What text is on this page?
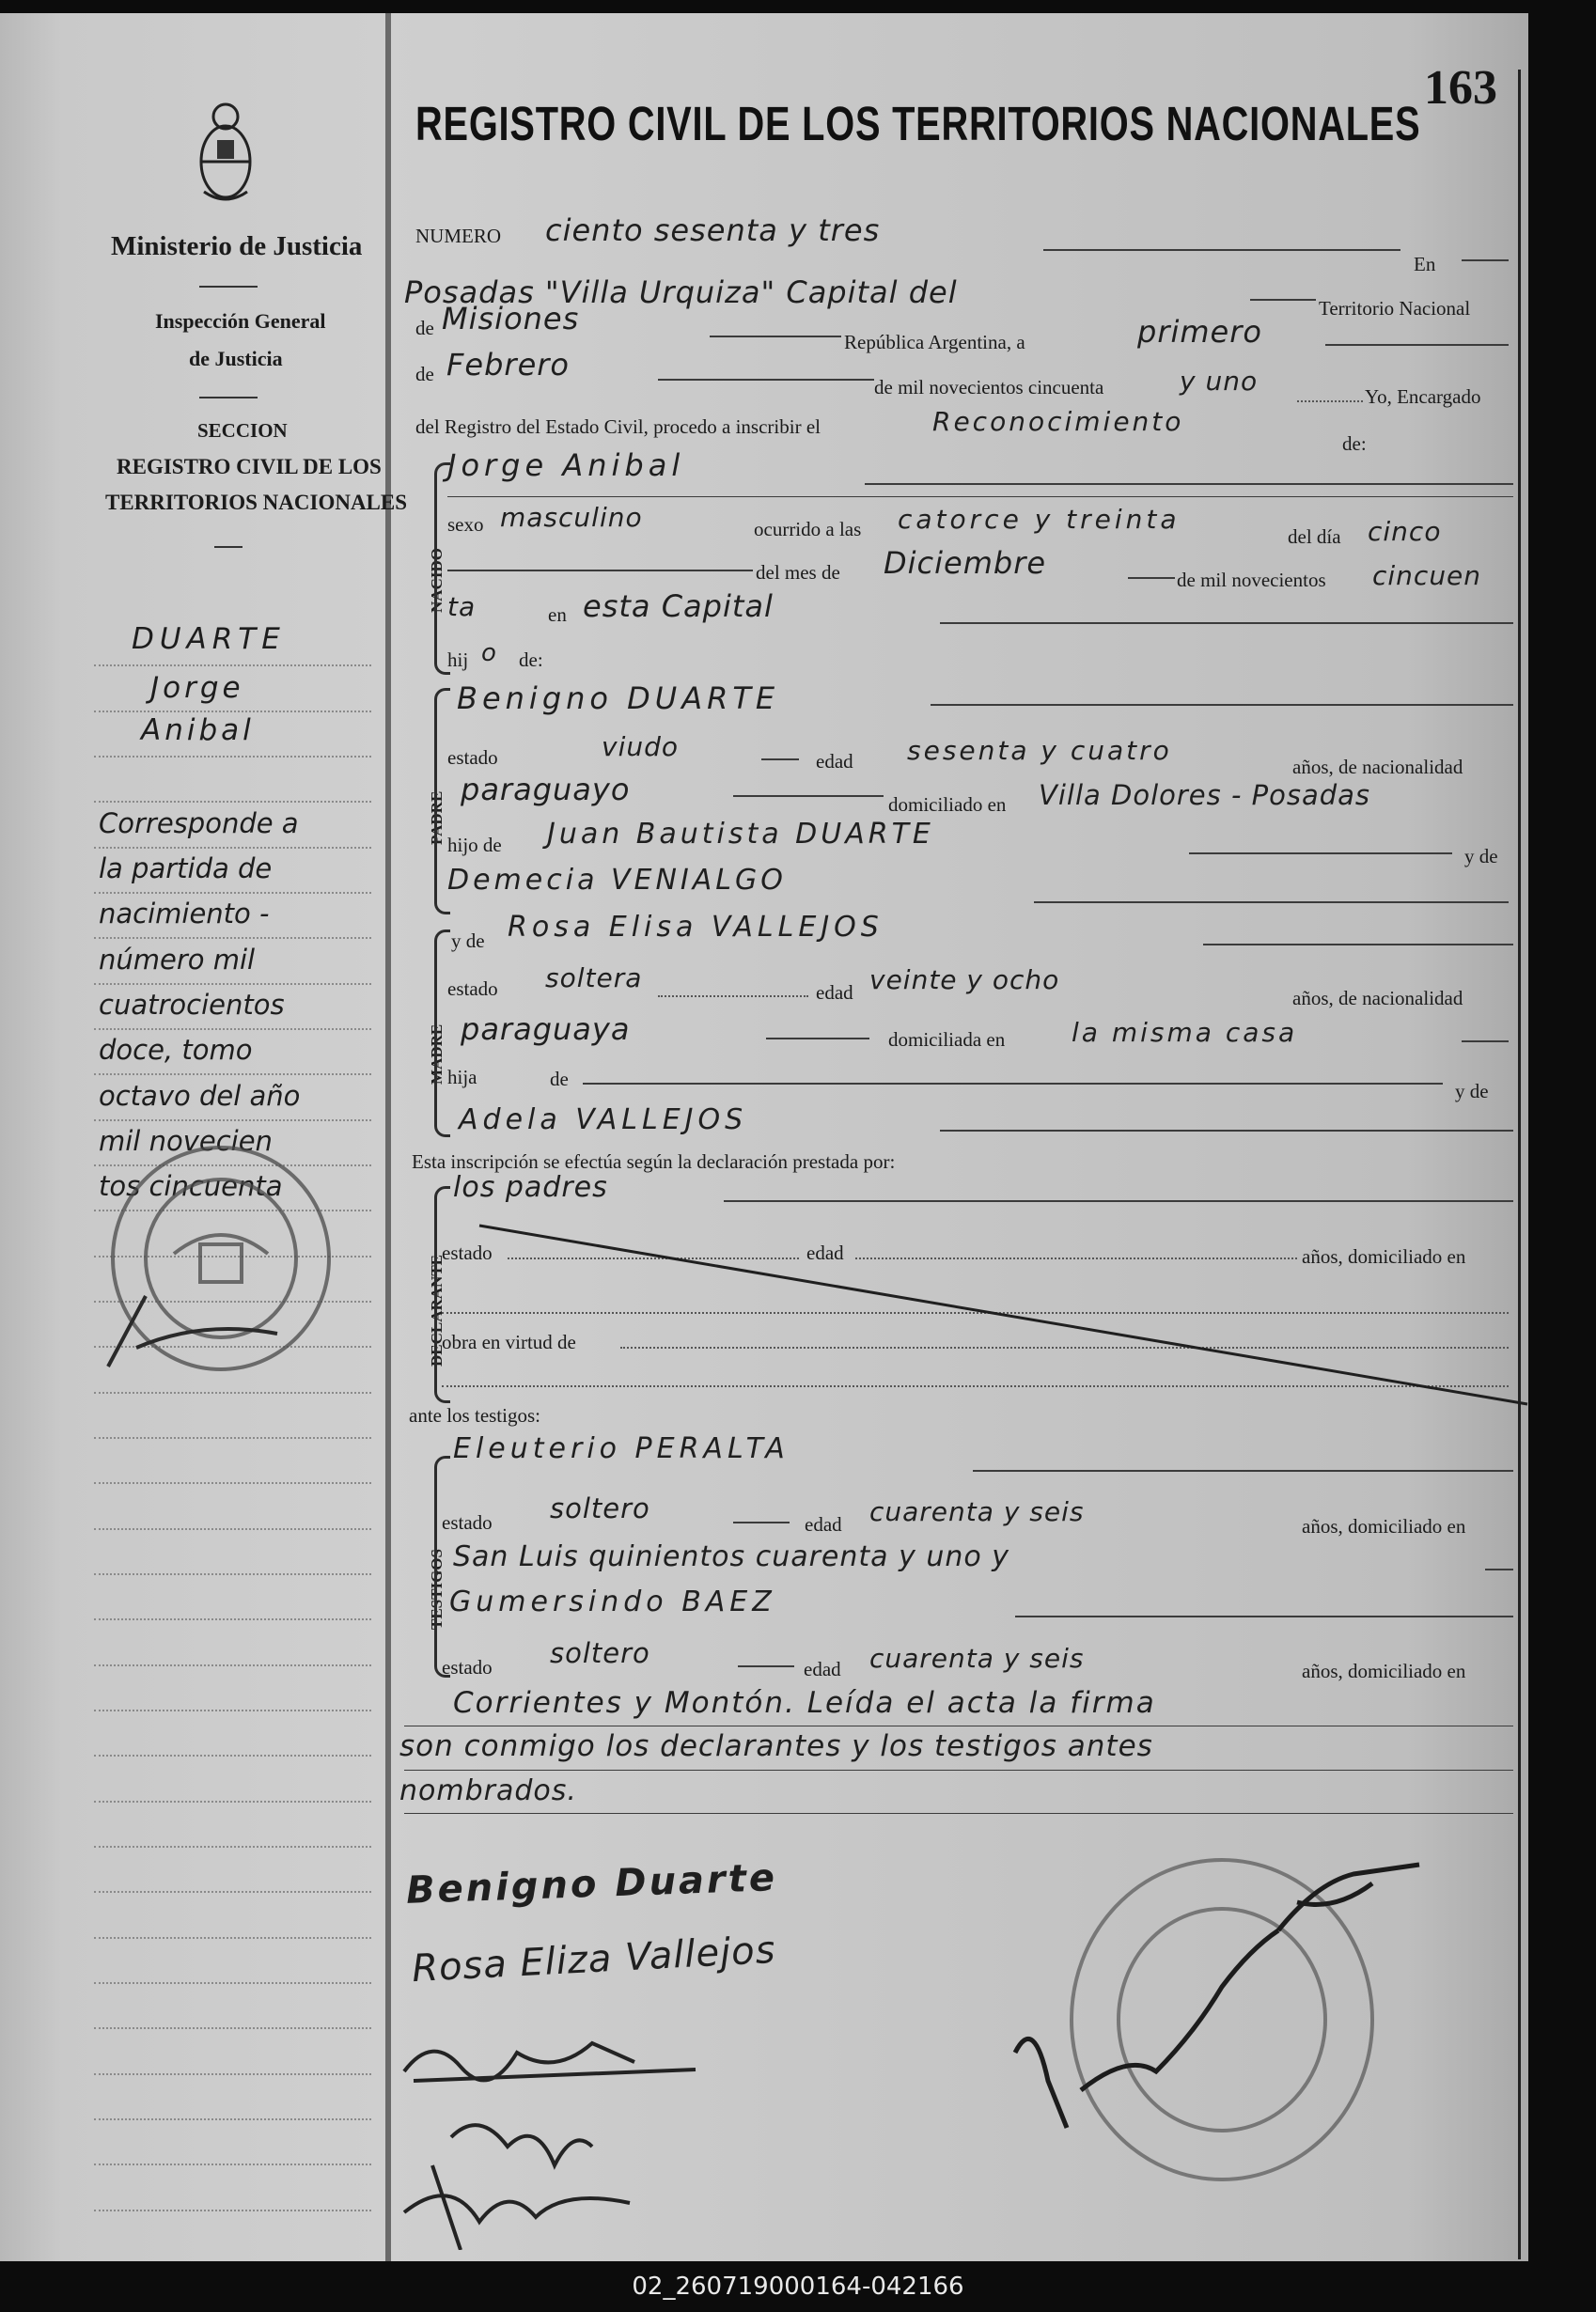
Ministerio de Justicia
Inspección General
de Justicia
SECCION
REGISTRO CIVIL DE LOS
TERRITORIOS NACIONALES
DUARTE
Jorge
Anibal
Corresponde a
la partida de
nacimiento -
número mil
cuatrocientos
doce, tomo
octavo del año
mil novecien
tos cincuenta
163
REGISTRO CIVIL DE LOS TERRITORIOS NACIONALES
NUMERO ciento sesenta y tres
En
Posadas "Villa Urquiza" Capital del	Territorio Nacional
de Misiones
República Argentina, a	primero
de Febrero
de mil novecientos cincuenta	y uno	Yo, Encargado
del Registro del Estado Civil, procedo a inscribir el	Reconocimiento
de:
NACIDO
Jorge Anibal
sexo masculino	ocurrido a las catorce y treinta
del día cinco
del mes de Diciembre	de mil novecientos cincuen
ta	en esta Capital
hij o de:
PADRE
Benigno DUARTE
estado	viudo	edad sesenta y cuatro
años, de nacionalidad
paraguayo	domiciliado en Villa Dolores - Posadas
hijo de Juan Bautista DUARTE
y de
Demecia VENIALGO
MADRE
y de Rosa Elisa VALLEJOS
estado soltera	edad veinte y ocho
años, de nacionalidad
paraguaya	domiciliada en	la misma casa
hija	de
y de
Adela VALLEJOS
Esta inscripción se efectúa según la declaración prestada por:
DECLARANTE
los padres
estado	edad	años, domiciliado en
obra en virtud de
ante los testigos:
TESTIGOS
Eleuterio PERALTA
estado soltero	edad cuarenta y seis	años, domiciliado en
San Luis quinientos cuarenta y uno y
Gumersindo BAEZ
estado soltero	edad cuarenta y seis	años, domiciliado en
Corrientes y Montón. Leída el acta la firma
son conmigo los declarantes y los testigos antes
nombrados.
Benigno Duarte
Rosa Eliza Vallejos
02_260719000164-042166
